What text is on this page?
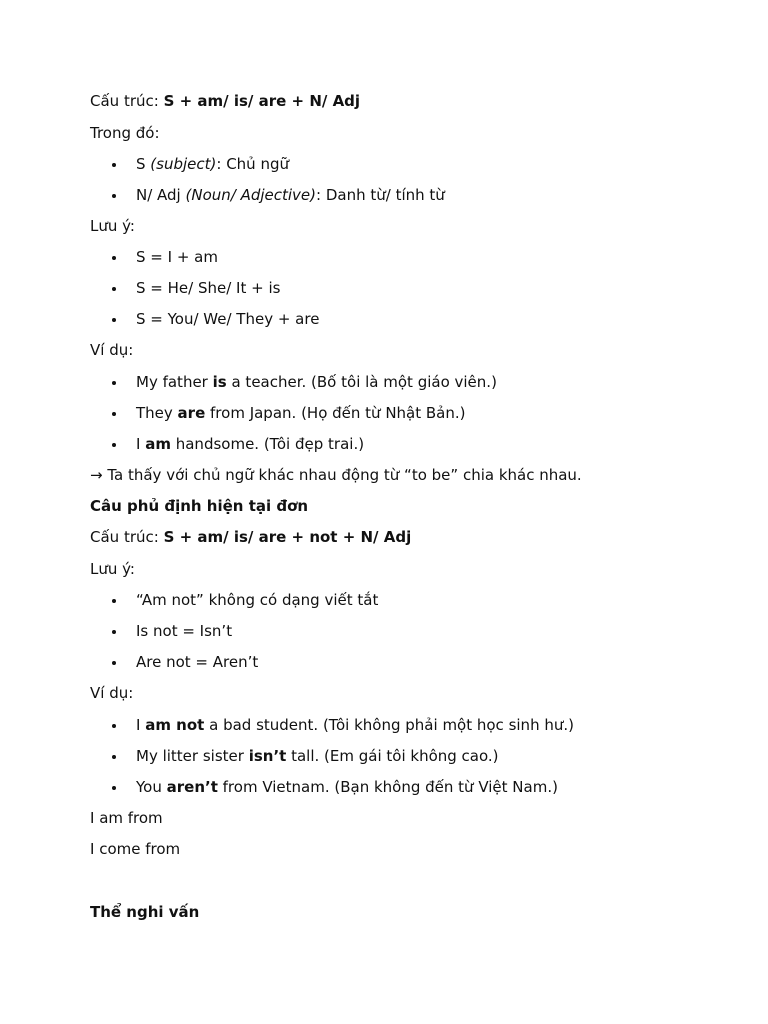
Cấu trúc: S + am/ is/ are + N/ Adj
Trong đó:
S (subject): Chủ ngữ
N/ Adj (Noun/ Adjective): Danh từ/ tính từ
Lưu ý:
S = I + am
S = He/ She/ It + is
S = You/ We/ They + are
Ví dụ:
My father is a teacher. (Bố tôi là một giáo viên.)
They are from Japan. (Họ đến từ Nhật Bản.)
I am handsome. (Tôi đẹp trai.)
→ Ta thấy với chủ ngữ khác nhau động từ “to be” chia khác nhau.
Câu phủ định hiện tại đơn
Cấu trúc: S + am/ is/ are + not + N/ Adj
Lưu ý:
“Am not” không có dạng viết tắt
Is not = Isn’t
Are not = Aren’t
Ví dụ:
I am not a bad student. (Tôi không phải một học sinh hư.)
My litter sister isn’t tall. (Em gái tôi không cao.)
You aren’t from Vietnam. (Bạn không đến từ Việt Nam.)
I am from
I come from
Thể nghi vấn
